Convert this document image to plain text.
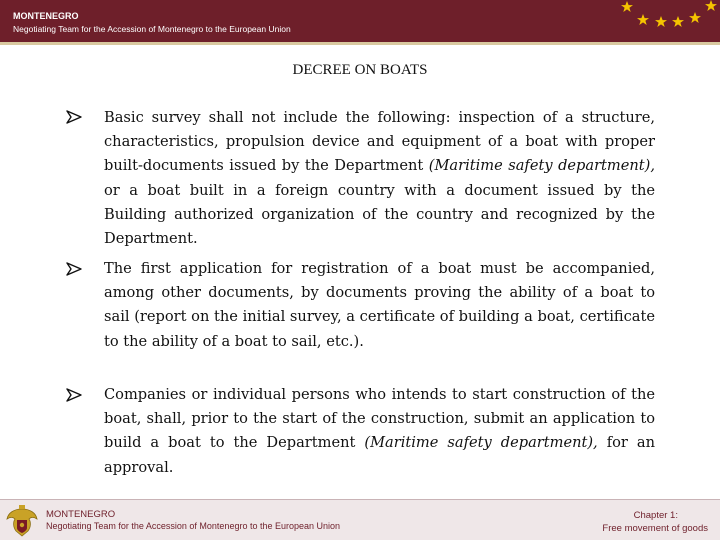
MONTENEGRO
Negotiating Team for the Accession of Montenegro to the European Union
DECREE ON BOATS

Basic survey shall not include the following: inspection of a structure, characteristics, propulsion device and equipment of a boat with proper built-documents issued by the Department (Maritime safety department), or a boat built in a foreign country with a document issued by the Building authorized organization of the country and recognized by the Department.

The first application for registration of a boat must be accompanied, among other documents, by documents proving the ability of a boat to sail (report on the initial survey, a certificate of building a boat, certificate to the ability of a boat to sail, etc.).

Companies or individual persons who intends to start construction of the boat, shall, prior to the start of the construction, submit an application to build a boat to the Department (Maritime safety department), for an approval.

MONTENEGRO
Negotiating Team for the Accession of Montenegro to the European Union
Chapter 1:
Free movement of goods
